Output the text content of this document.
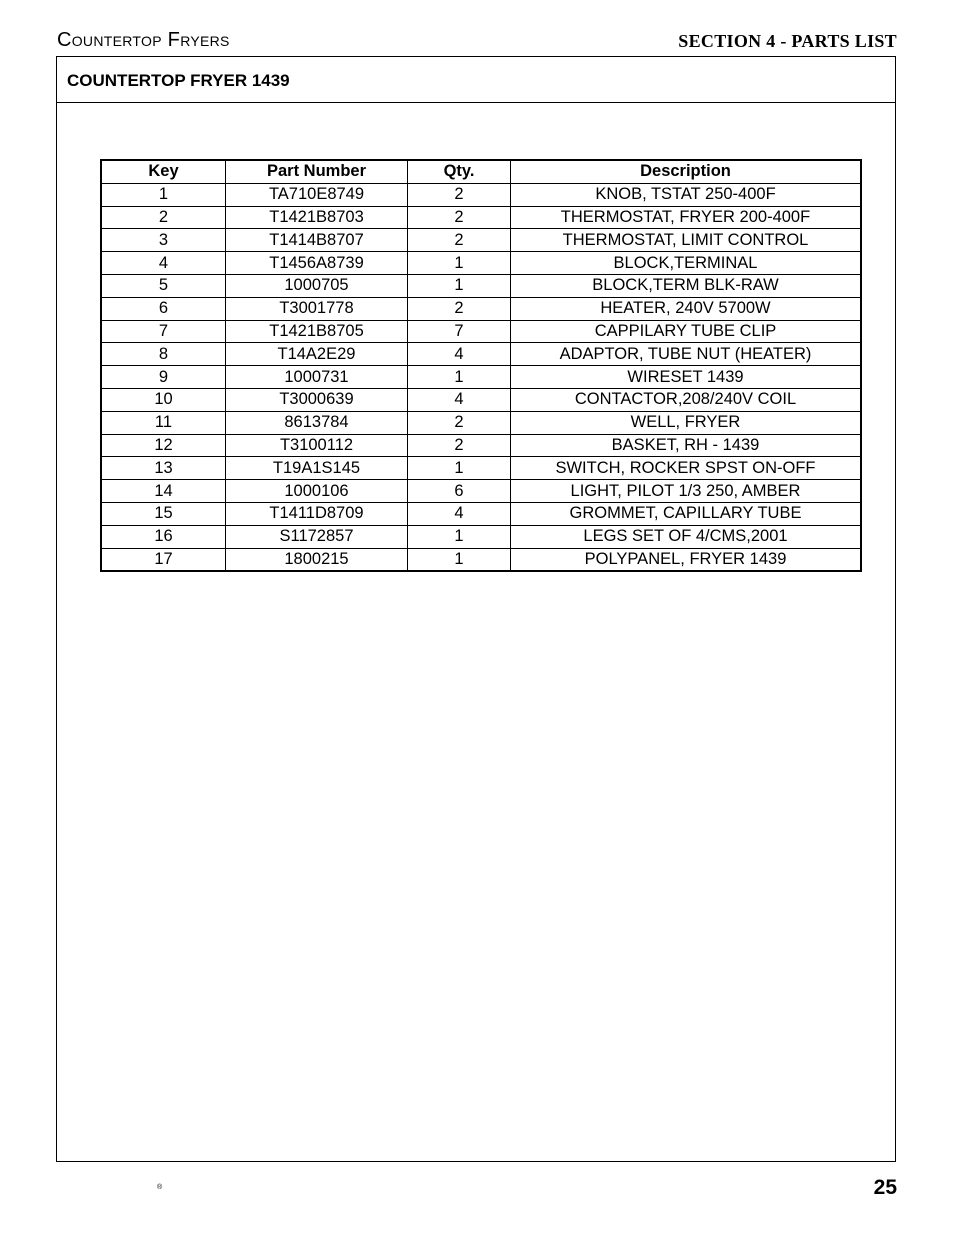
Countertop Fryers	SECTION 4 - PARTS LIST
COUNTERTOP FRYER 1439
Key	Part Number	Qty.	Description
1	TA710E8749	2	KNOB, TSTAT 250-400F
2	T1421B8703	2	THERMOSTAT, FRYER 200-400F
3	T1414B8707	2	THERMOSTAT, LIMIT CONTROL
4	T1456A8739	1	BLOCK,TERMINAL
5	1000705	1	BLOCK,TERM BLK-RAW
6	T3001778	2	HEATER, 240V 5700W
7	T1421B8705	7	CAPPILARY TUBE CLIP
8	T14A2E29	4	ADAPTOR, TUBE NUT (HEATER)
9	1000731	1	WIRESET 1439
10	T3000639	4	CONTACTOR,208/240V COIL
11	8613784	2	WELL, FRYER
12	T3100112	2	BASKET, RH - 1439
13	T19A1S145	1	SWITCH, ROCKER SPST ON-OFF
14	1000106	6	LIGHT, PILOT 1/3 250, AMBER
15	T1411D8709	4	GROMMET, CAPILLARY TUBE
16	S1172857	1	LEGS SET OF 4/CMS,2001
17	1800215	1	POLYPANEL, FRYER 1439
®	25
